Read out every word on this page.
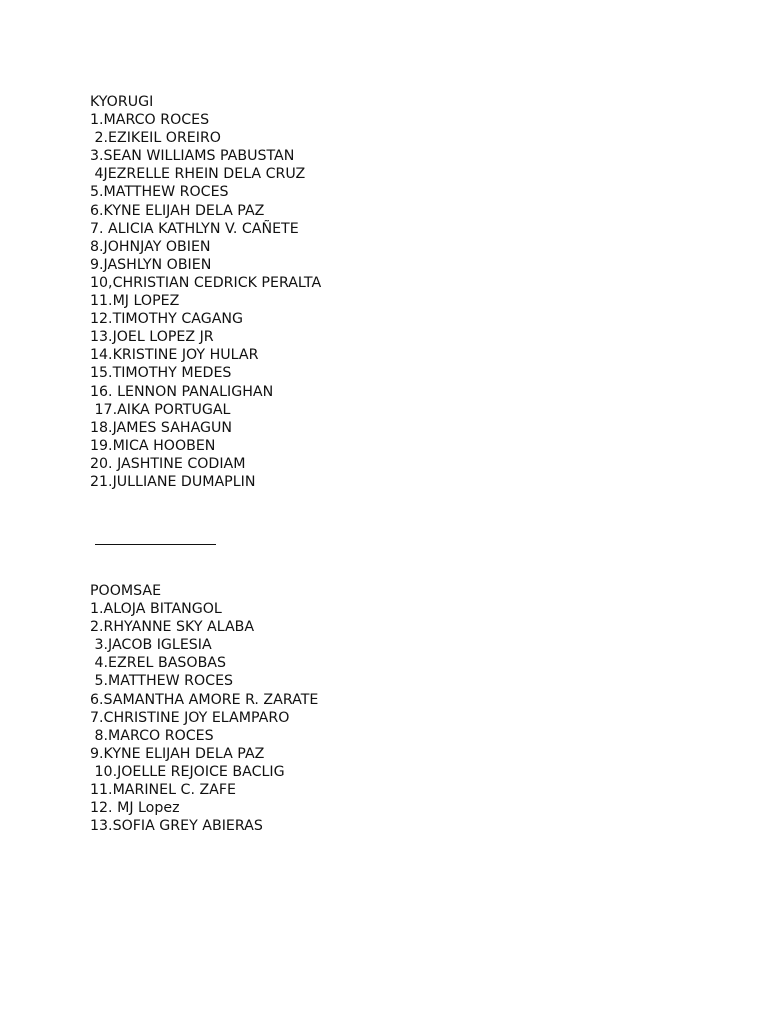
KYORUGI

1.MARCO ROCES

2.EZIKEIL OREIRO

3.SEAN WILLIAMS PABUSTAN

4JEZRELLE RHEIN DELA CRUZ

5.MATTHEW ROCES

6.KYNE ELIJAH DELA PAZ

7. ALICIA KATHLYN V. CAÑETE

8.JOHNJAY OBIEN

9.JASHLYN OBIEN

10,CHRISTIAN CEDRICK PERALTA

11.MJ LOPEZ

12.TIMOTHY CAGANG

13.JOEL LOPEZ JR

14.KRISTINE JOY HULAR

15.TIMOTHY MEDES

16. LENNON PANALIGHAN

17.AIKA PORTUGAL

18.JAMES SAHAGUN

19.MICA HOOBEN

20. JASHTINE CODIAM

21.JULLIANE DUMAPLIN

POOMSAE

1.ALOJA BITANGOL

2.RHYANNE SKY ALABA

3.JACOB IGLESIA

4.EZREL BASOBAS

5.MATTHEW ROCES

6.SAMANTHA AMORE R. ZARATE

7.CHRISTINE JOY ELAMPARO

8.MARCO ROCES

9.KYNE ELIJAH DELA PAZ

10.JOELLE REJOICE BACLIG

11.MARINEL C. ZAFE

12. MJ Lopez

13.SOFIA GREY ABIERAS
